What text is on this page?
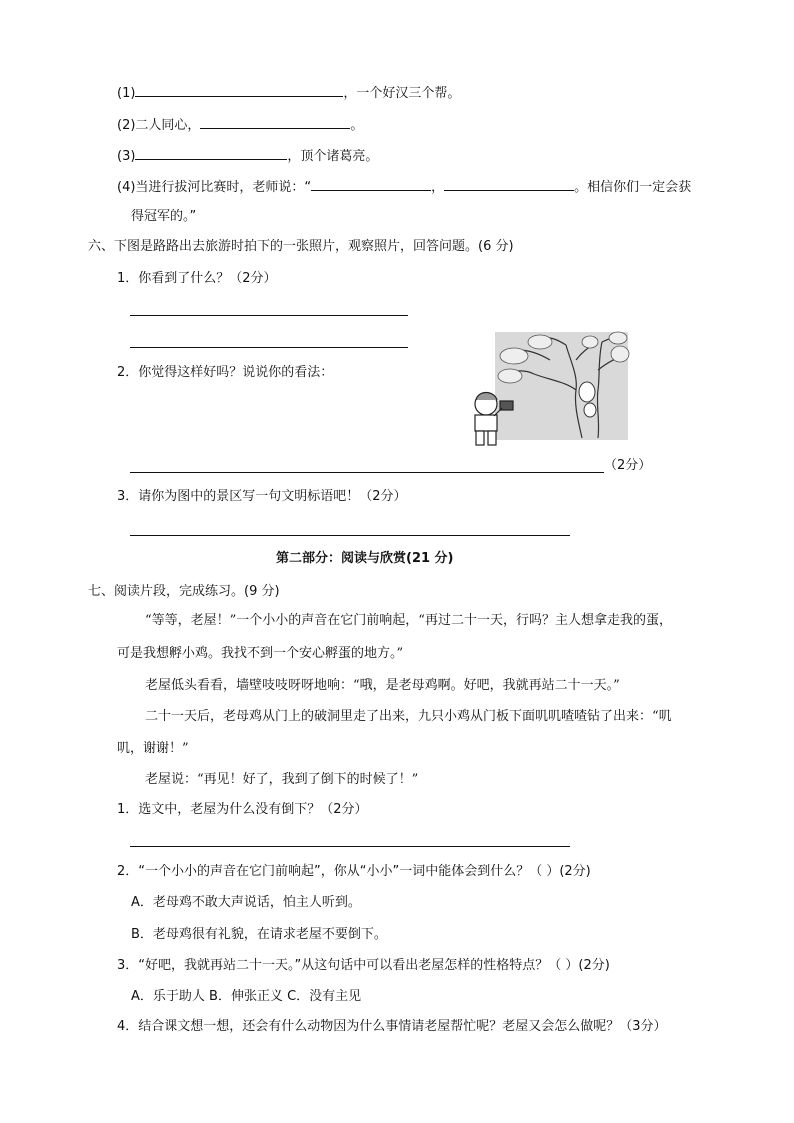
(1)	，一个好汉三个帮。
(2)二人同心，	。
(3)	，顶个诸葛亮。
(4)当进行拔河比赛时，老师说：“	，	。相信你们一定会获
得冠军的。”
六、下图是路路出去旅游时拍下的一张照片，观察照片，回答问题。(6 分)
1．你看到了什么？（2分）
2．你觉得这样好吗？说说你的看法：
（2分）
3．请你为图中的景区写一句文明标语吧！（2分）
第二部分：阅读与欣赏(21 分)
七、阅读片段，完成练习。(9 分)
“等等，老屋！”一个小小的声音在它门前响起，“再过二十一天，行吗？主人想拿走我的蛋，
可是我想孵小鸡。我找不到一个安心孵蛋的地方。”
老屋低头看看，墙壁吱吱呀呀地响：“哦，是老母鸡啊。好吧，我就再站二十一天。”
二十一天后，老母鸡从门上的破洞里走了出来，九只小鸡从门板下面叽叽喳喳钻了出来：“叽
叽，谢谢！”
老屋说：“再见！好了，我到了倒下的时候了！”
1．选文中，老屋为什么没有倒下？（2分）
2．“一个小小的声音在它门前响起”，你从“小小”一词中能体会到什么？（ ）(2分)
A．老母鸡不敢大声说话，怕主人听到。
B．老母鸡很有礼貌，在请求老屋不要倒下。
3．“好吧，我就再站二十一天。”从这句话中可以看出老屋怎样的性格特点？（ ）(2分)
A．乐于助人 B．伸张正义 C．没有主见
4．结合课文想一想，还会有什么动物因为什么事情请老屋帮忙呢？老屋又会怎么做呢？（3分）
